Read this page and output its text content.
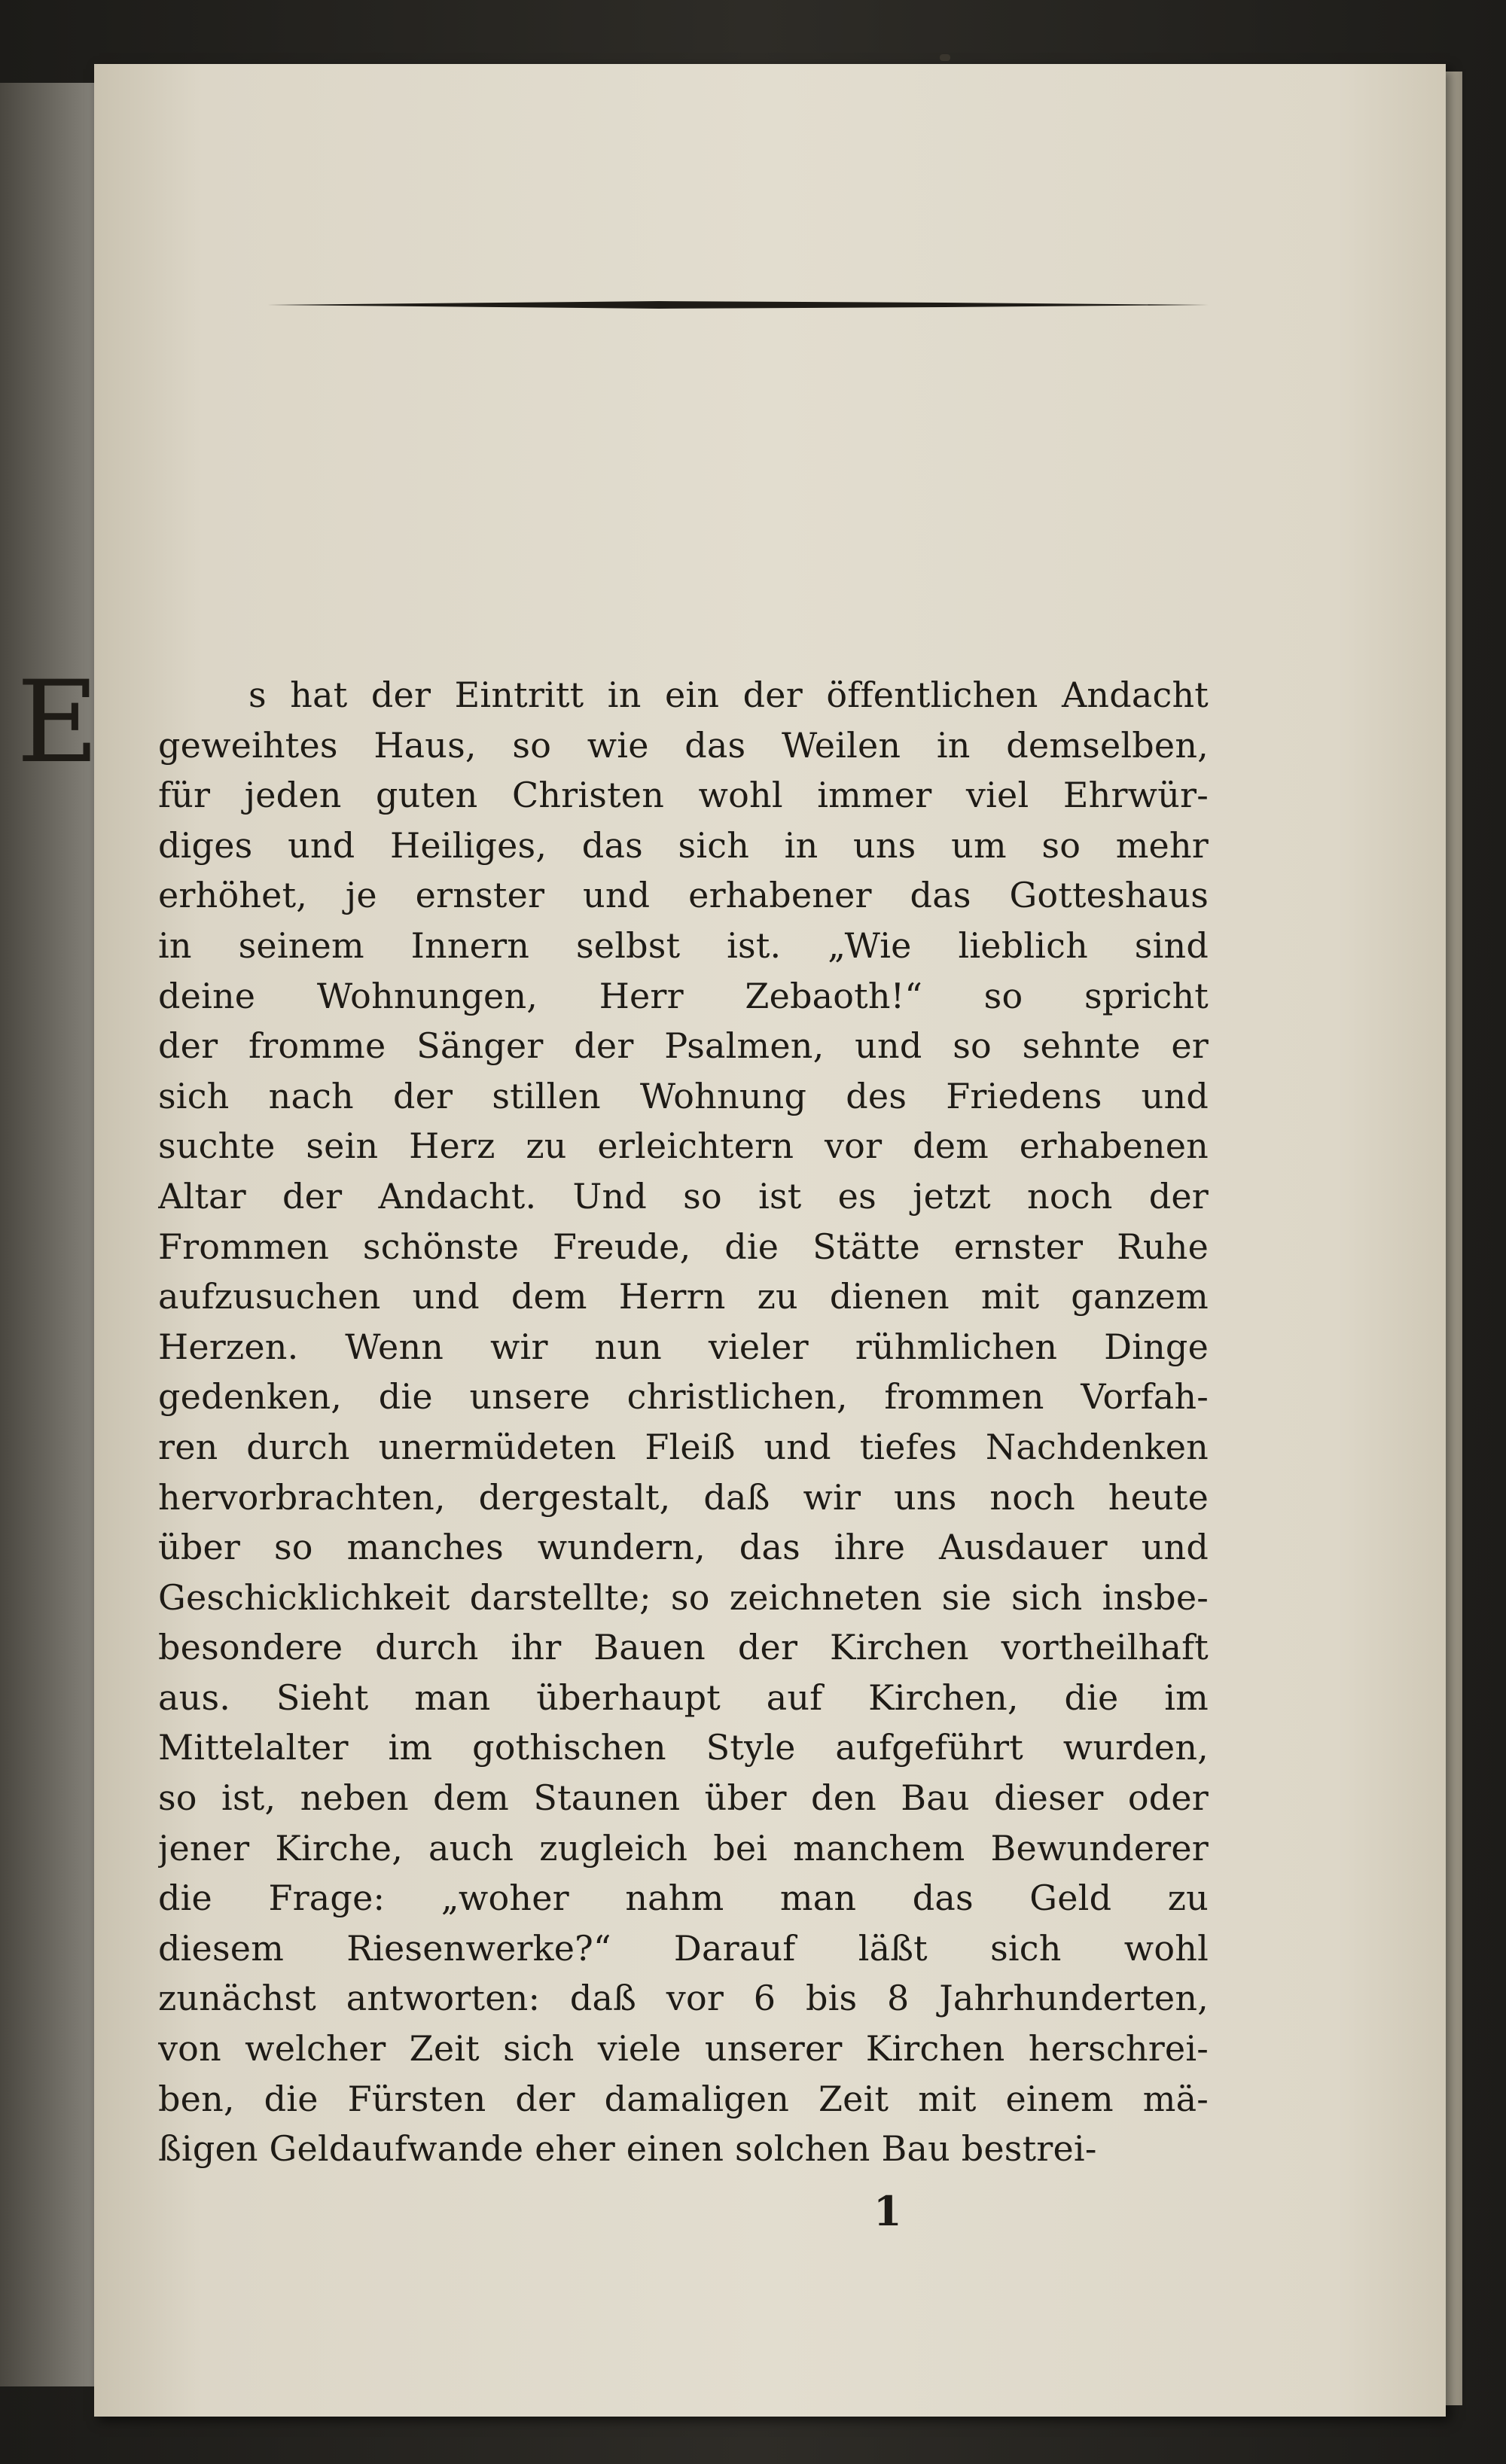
E	s hat der Eintritt in ein der öffentlichen Andacht
geweihtes Haus, so wie das Weilen in demselben,
für jeden guten Christen wohl immer viel Ehrwür-
diges und Heiliges, das sich in uns um so mehr
erhöhet, je ernster und erhabener das Gotteshaus
in seinem Innern selbst ist. „Wie lieblich sind
deine Wohnungen, Herr Zebaoth!“ so spricht
der fromme Sänger der Psalmen, und so sehnte er
sich nach der stillen Wohnung des Friedens und
suchte sein Herz zu erleichtern vor dem erhabenen
Altar der Andacht. Und so ist es jetzt noch der
Frommen schönste Freude, die Stätte ernster Ruhe
aufzusuchen und dem Herrn zu dienen mit ganzem
Herzen. Wenn wir nun vieler rühmlichen Dinge
gedenken, die unsere christlichen, frommen Vorfah-
ren durch unermüdeten Fleiß und tiefes Nachdenken
hervorbrachten, dergestalt, daß wir uns noch heute
über so manches wundern, das ihre Ausdauer und
Geschicklichkeit darstellte; so zeichneten sie sich insbe-
besondere durch ihr Bauen der Kirchen vortheilhaft
aus. Sieht man überhaupt auf Kirchen, die im
Mittelalter im gothischen Style aufgeführt wurden,
so ist, neben dem Staunen über den Bau dieser oder
jener Kirche, auch zugleich bei manchem Bewunderer
die Frage: „woher nahm man das Geld zu
diesem Riesenwerke?“ Darauf läßt sich wohl
zunächst antworten: daß vor 6 bis 8 Jahrhunderten,
von welcher Zeit sich viele unserer Kirchen herschrei-
ben, die Fürsten der damaligen Zeit mit einem mä-
ßigen Geldaufwande eher einen solchen Bau bestrei-
1
